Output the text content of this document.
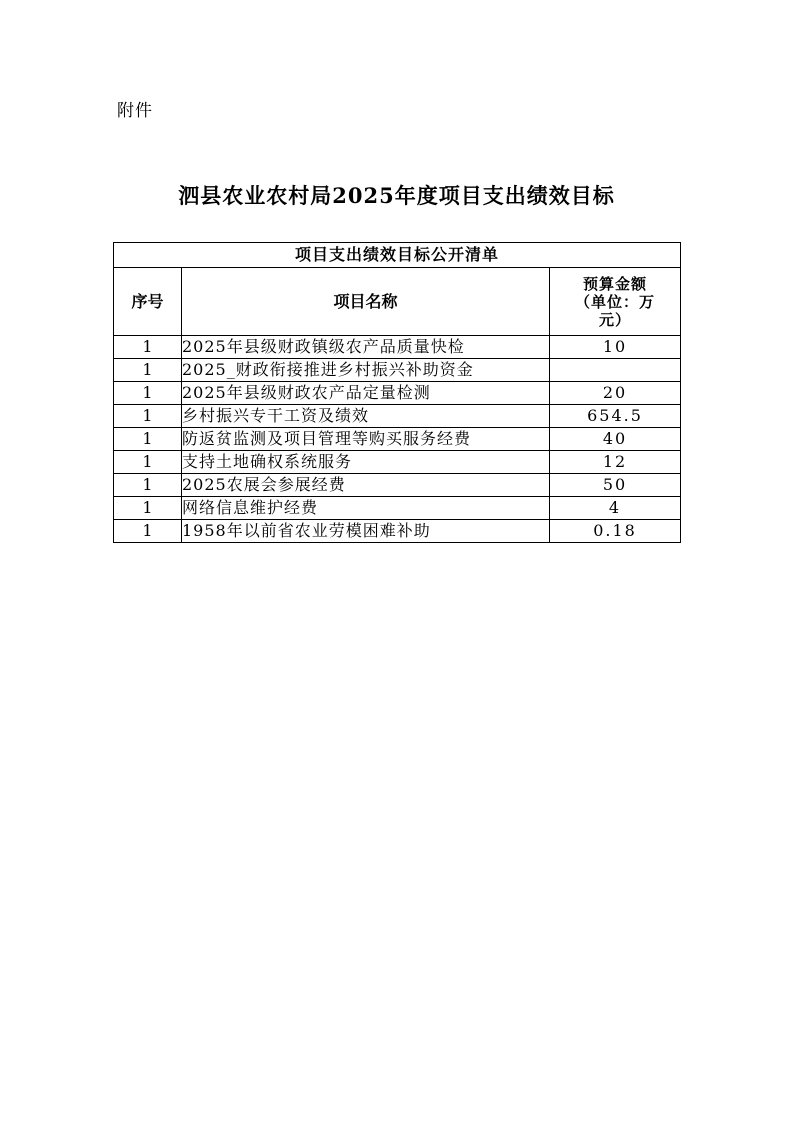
附件
泗县农业农村局2025年度项目支出绩效目标
项目支出绩效目标公开清单		
序号	项目名称	预算金额
（单位：万
元）

1	2025年县级财政镇级农产品质量快检	10
1	2025_财政衔接推进乡村振兴补助资金	
1	2025年县级财政农产品定量检测	20
1	乡村振兴专干工资及绩效	654.5
1	防返贫监测及项目管理等购买服务经费	40
1	支持土地确权系统服务	12
1	2025农展会参展经费	50
1	网络信息维护经费	4
1	1958年以前省农业劳模困难补助	0.18
